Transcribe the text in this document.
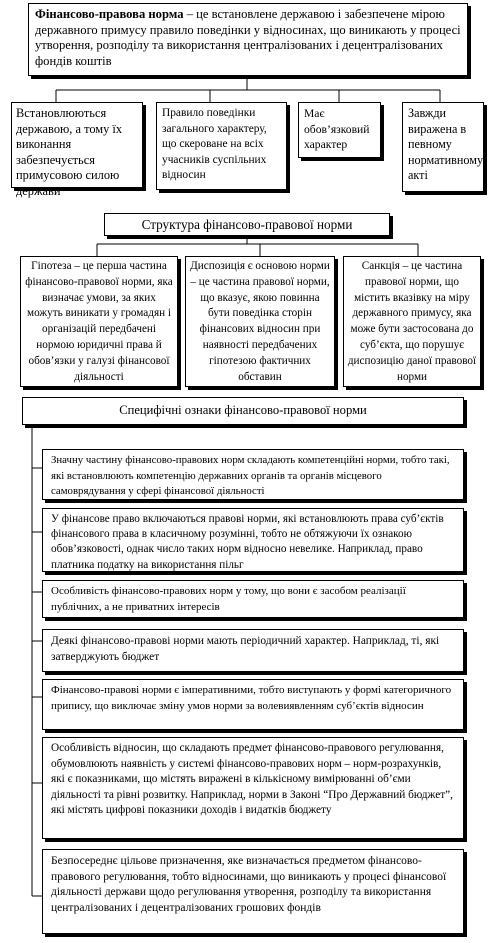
Фінансово-правова норма – це встановлене державою і забезпечене мірою державного примусу правило поведінки у відносинах, що виникають у процесі утворення, розподілу та використання централізованих і децентралізованих фондів коштів
Встановлюються державою, а тому їх виконання забезпечується примусовою силою держави
Правило поведінки загального характеру, що скероване на всіх учасників суспільних відносин
Має обов’язковий характер
Завжди виражена в певному нормативному акті
Структура фінансово-правової норми
Гіпотеза – це перша частина фінансово-правової норми, яка визначає умови, за яких можуть виникати у громадян і організацій передбачені нормою юридичні права й обов’язки у галузі фінансової діяльності
Диспозиція є основою норми – це частина правової норми, що вказує, якою повинна бути поведінка сторін фінансових відносин при наявності передбачених гіпотезою фактичних обставин
Санкція – це частина правової норми, що містить вказівку на міру державного примусу, яка може бути застосована до суб’єкта, що порушує диспозицію даної правової норми
Специфічні ознаки фінансово-правової норми
Значну частину фінансово-правових норм складають компетенційні норми, тобто такі, які встановлюють компетенцію державних органів та органів місцевого самоврядування у сфері фінансової діяльності
У фінансове право включаються правові норми, які встановлюють права суб’єктів фінансового права в класичному розумінні, тобто не обтяжуючи їх ознакою обов’язковості, однак число таких норм відносно невелике. Наприклад, право платника податку на використання пільг
Особливість фінансово-правових норм у тому, що вони є засобом реалізації публічних, а не приватних інтересів
Деякі фінансово-правові норми мають періодичний характер. Наприклад, ті, які затверджують бюджет
Фінансово-правові норми є імперативними, тобто виступають у формі категоричного припису, що виключає зміну умов норми за волевиявленням суб’єктів відносин
Особливість відносин, що складають предмет фінансово-правового регулювання, обумовлюють наявність у системі фінансово-правових норм – норм-розрахунків, які є показниками, що містять виражені в кількісному вимірюванні об’єми діяльності та рівні розвитку. Наприклад, норми в Законі “Про Державний бюджет”, які містять цифрові показники доходів і видатків бюджету
Безпосереднє цільове призначення, яке визначається предметом фінансово-правового регулювання, тобто відносинами, що виникають у процесі фінансової діяльності держави щодо регулювання утворення, розподілу та використання централізованих і децентралізованих грошових фондів
